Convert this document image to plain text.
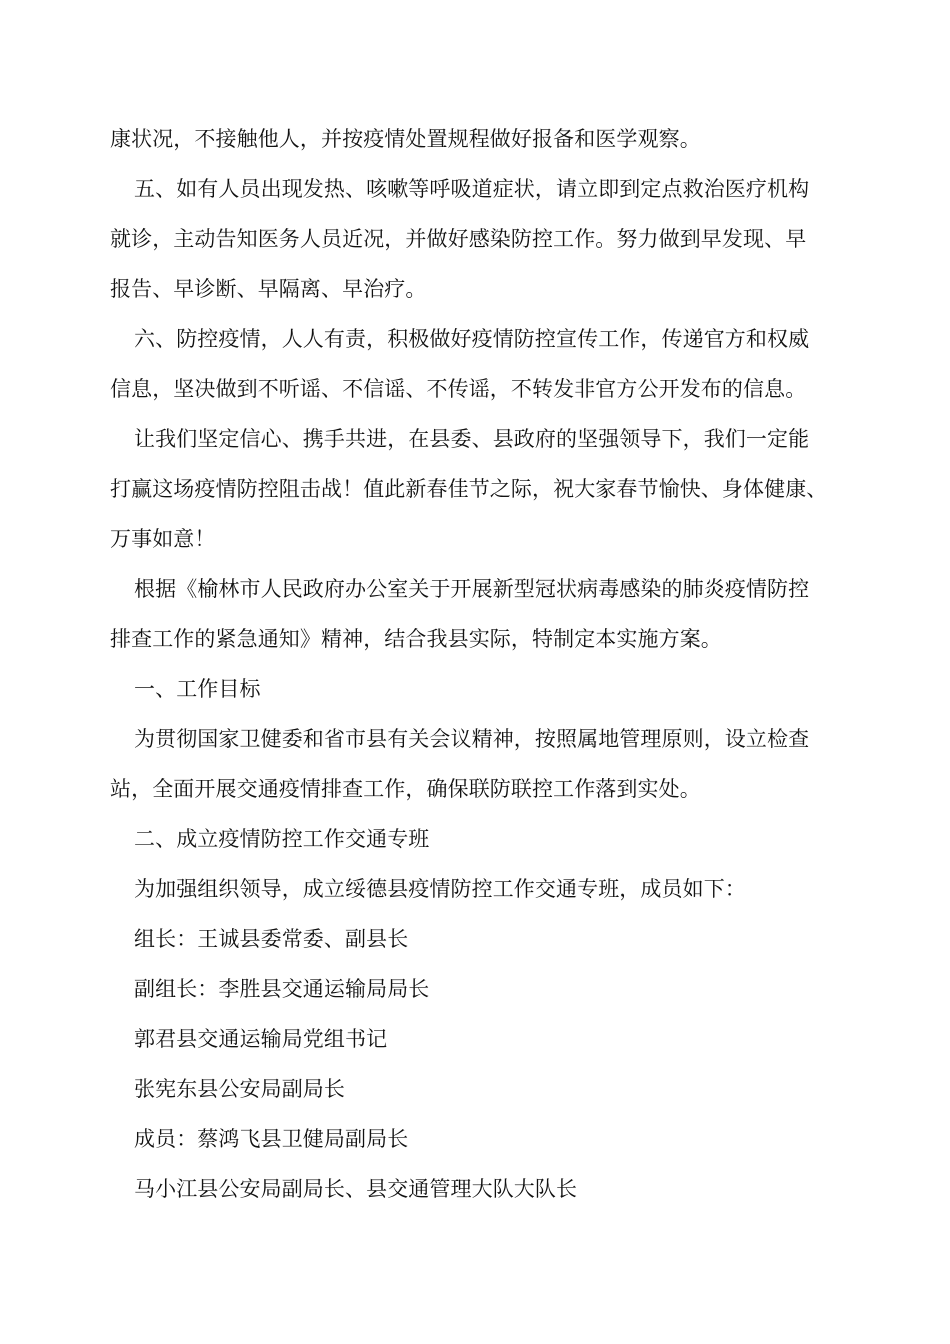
康状况，不接触他人，并按疫情处置规程做好报备和医学观察。
五、如有人员出现发热、咳嗽等呼吸道症状，请立即到定点救治医疗机构
就诊，主动告知医务人员近况，并做好感染防控工作。努力做到早发现、早
报告、早诊断、早隔离、早治疗。
六、防控疫情，人人有责，积极做好疫情防控宣传工作，传递官方和权威
信息，坚决做到不听谣、不信谣、不传谣，不转发非官方公开发布的信息。
让我们坚定信心、携手共进，在县委、县政府的坚强领导下，我们一定能
打赢这场疫情防控阻击战！值此新春佳节之际，祝大家春节愉快、身体健康、
万事如意！
根据《榆林市人民政府办公室关于开展新型冠状病毒感染的肺炎疫情防控
排查工作的紧急通知》精神，结合我县实际，特制定本实施方案。
一、工作目标
为贯彻国家卫健委和省市县有关会议精神，按照属地管理原则，设立检查
站，全面开展交通疫情排查工作，确保联防联控工作落到实处。
二、成立疫情防控工作交通专班
为加强组织领导，成立绥德县疫情防控工作交通专班，成员如下：
组长：王诚县委常委、副县长
副组长：李胜县交通运输局局长
郭君县交通运输局党组书记
张宪东县公安局副局长
成员：蔡鸿飞县卫健局副局长
马小江县公安局副局长、县交通管理大队大队长
